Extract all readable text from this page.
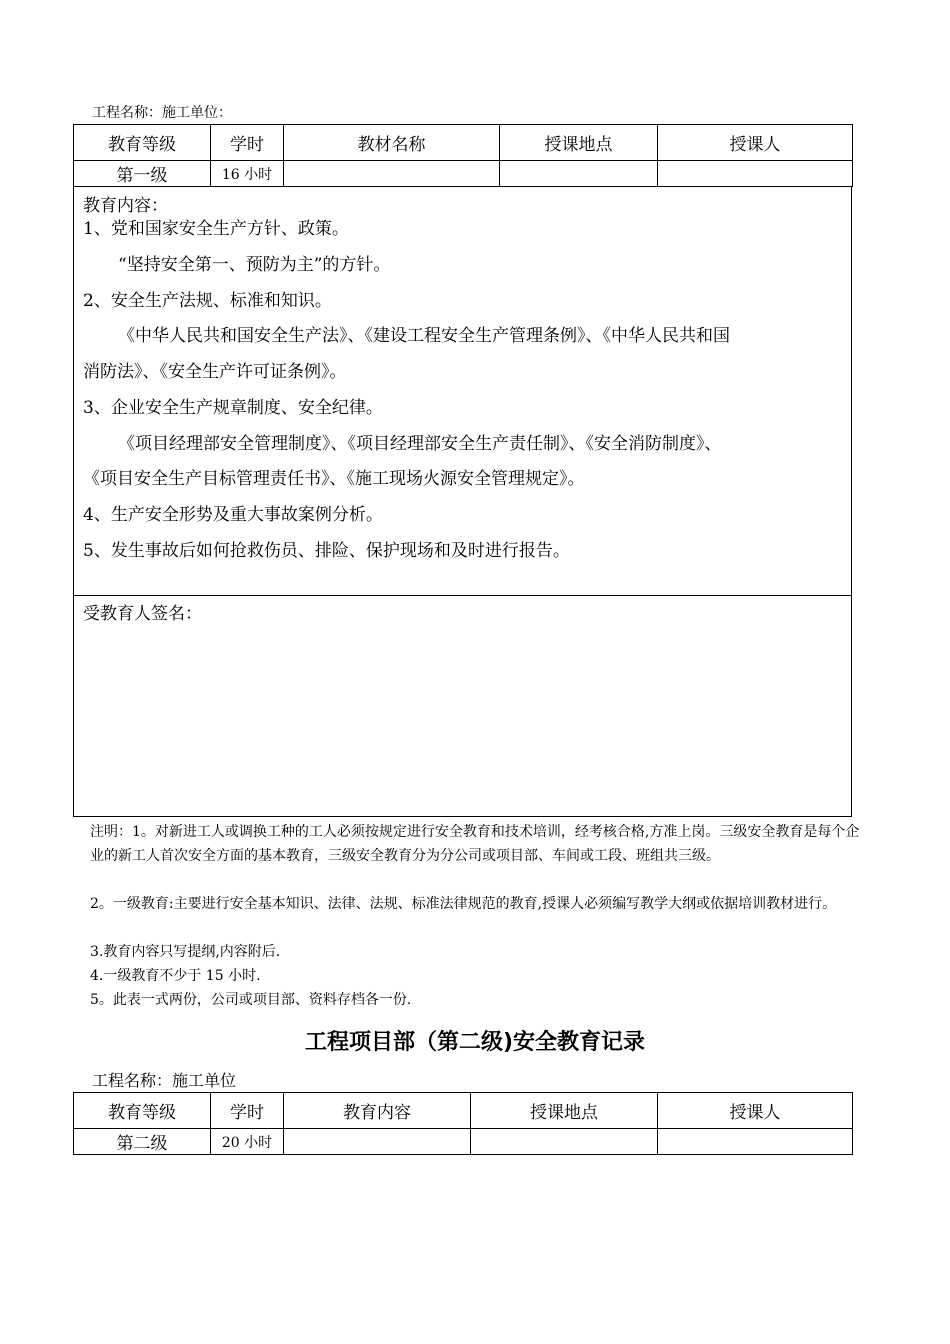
工程名称：施工单位：
教育等级	学时	教材名称	授课地点	授课人
第一级	16 小时			
教育内容：
1、党和国家安全生产方针、政策。
“坚持安全第一、预防为主”的方针。
2、安全生产法规、标准和知识。
《中华人民共和国安全生产法》、《建设工程安全生产管理条例》、《中华人民共和国
消防法》、《安全生产许可证条例》。
3、企业安全生产规章制度、安全纪律。
《项目经理部安全管理制度》、《项目经理部安全生产责任制》、《安全消防制度》、
《项目安全生产目标管理责任书》、《施工现场火源安全管理规定》。
4、生产安全形势及重大事故案例分析。
5、发生事故后如何抢救伤员、排险、保护现场和及时进行报告。
受教育人签名：
注明：1。对新进工人或调换工种的工人必须按规定进行安全教育和技术培训，经考核合格,方准上岗。三级安全教育是每个企业的新工人首次安全方面的基本教育，三级安全教育分为分公司或项目部、车间或工段、班组共三级。
2。一级教育:主要进行安全基本知识、法律、法规、标准法律规范的教育,授课人必须编写教学大纲或依据培训教材进行。
3.教育内容只写提纲,内容附后.
4.一级教育不少于 15 小时.
5。此表一式两份，公司或项目部、资料存档各一份.
工程项目部（第二级)安全教育记录
工程名称：施工单位
教育等级	学时	教育内容	授课地点	授课人
第二级	20 小时			
